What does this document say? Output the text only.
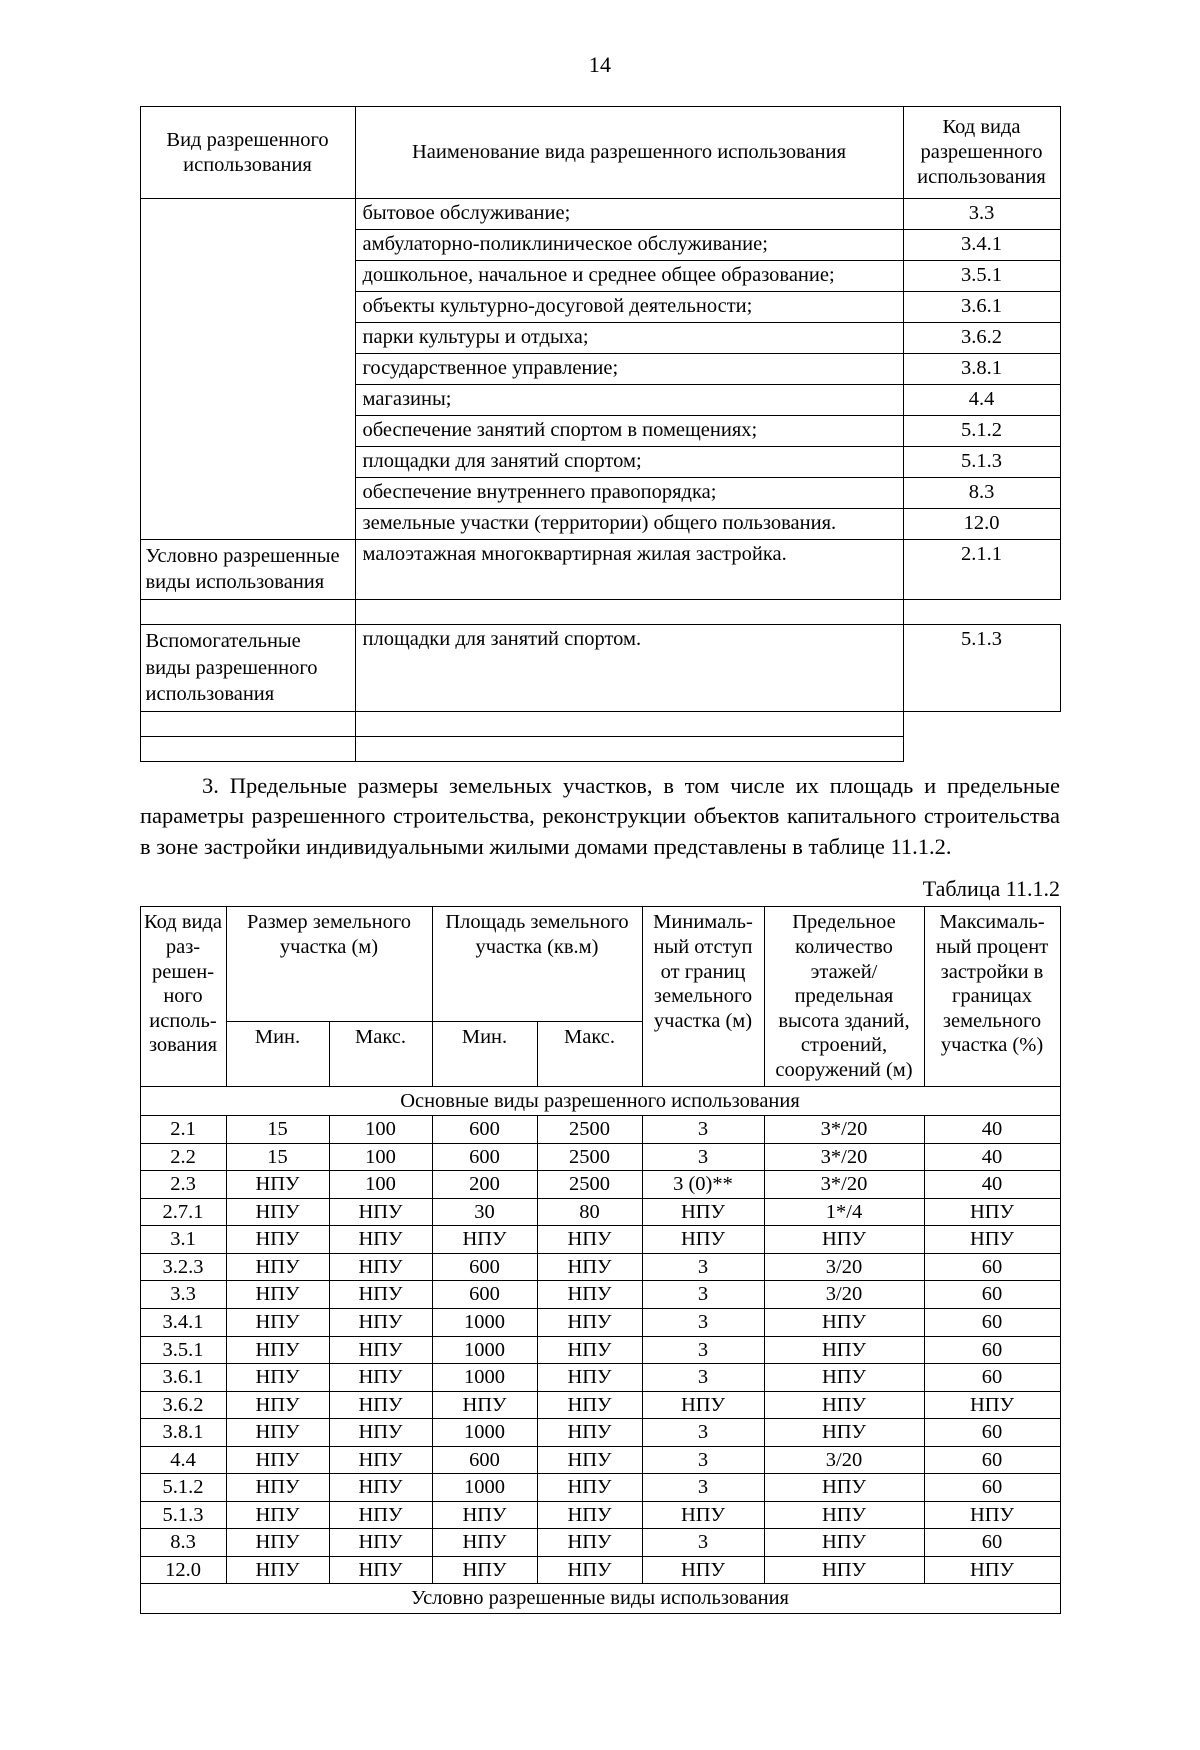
14
Вид разрешенного использования	Наименование вида разрешенного использования	Код вида разрешенного использования
	бытовое обслуживание;	3.3
	амбулаторно-поликлиническое обслуживание;	3.4.1
	дошкольное, начальное и среднее общее образование;	3.5.1
	объекты культурно-досуговой деятельности;	3.6.1
	парки культуры и отдыха;	3.6.2
	государственное управление;	3.8.1
	магазины;	4.4
	обеспечение занятий спортом в помещениях;	5.1.2
	площадки для занятий спортом;	5.1.3
	обеспечение внутреннего правопорядка;	8.3
	земельные участки (территории) общего пользования.	12.0
Условно разрешенные виды использования	малоэтажная многоквартирная жилая застройка.	2.1.1

Вспомогательные виды разрешенного использования	площадки для занятий спортом.	5.1.3

3. Предельные размеры земельных участков, в том числе их площадь и предельные параметры разрешенного строительства, реконструкции объектов капитального строительства в зоне застройки индивидуальными жилыми домами представлены в таблице 11.1.2.

Таблица 11.1.2
Код вида раз-решен-ного исполь-зования	Размер земельного участка (м)		Площадь земельного участка (кв.м)		Минималь-ный отступ от границ земельного участка (м)	Предельное количество этажей/ предельная высота зданий, строений, сооружений (м)	Максималь-ный процент застройки в границах земельного участка (%)
	Мин.	Макс.	Мин.	Макс.			
Основные виды разрешенного использования							
2.1	15	100	600	2500	3	3*/20	40
2.2	15	100	600	2500	3	3*/20	40
2.3	НПУ	100	200	2500	3 (0)**	3*/20	40
2.7.1	НПУ	НПУ	30	80	НПУ	1*/4	НПУ
3.1	НПУ	НПУ	НПУ	НПУ	НПУ	НПУ	НПУ
3.2.3	НПУ	НПУ	600	НПУ	3	3/20	60
3.3	НПУ	НПУ	600	НПУ	3	3/20	60
3.4.1	НПУ	НПУ	1000	НПУ	3	НПУ	60
3.5.1	НПУ	НПУ	1000	НПУ	3	НПУ	60
3.6.1	НПУ	НПУ	1000	НПУ	3	НПУ	60
3.6.2	НПУ	НПУ	НПУ	НПУ	НПУ	НПУ	НПУ
3.8.1	НПУ	НПУ	1000	НПУ	3	НПУ	60
4.4	НПУ	НПУ	600	НПУ	3	3/20	60
5.1.2	НПУ	НПУ	1000	НПУ	3	НПУ	60
5.1.3	НПУ	НПУ	НПУ	НПУ	НПУ	НПУ	НПУ
8.3	НПУ	НПУ	НПУ	НПУ	3	НПУ	60
12.0	НПУ	НПУ	НПУ	НПУ	НПУ	НПУ	НПУ
Условно разрешенные виды использования							
